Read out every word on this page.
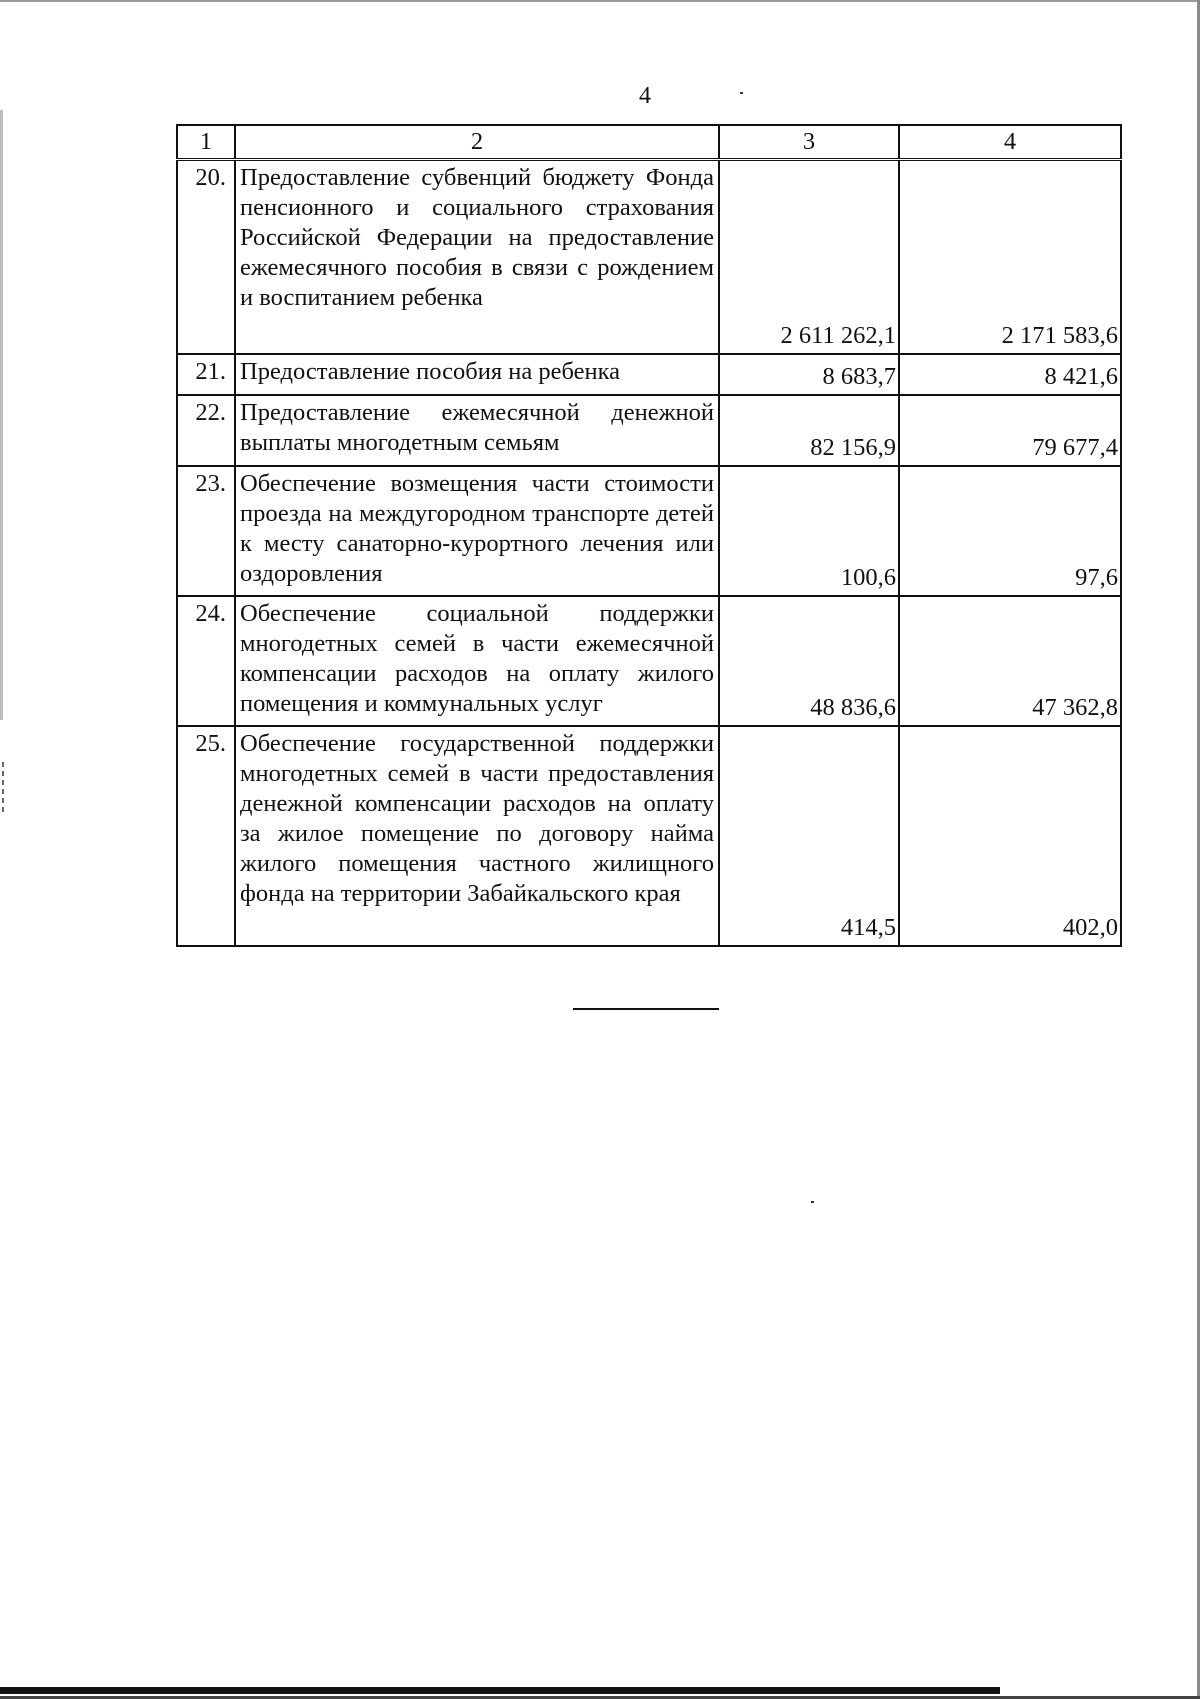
4
1	2	3	4
20.	Предоставление субвенций бюджету Фонда пенсионного и социального страхования Российской Федерации на предоставление ежемесячного пособия в связи с рождением и воспитанием ребенка	2 611 262,1	2 171 583,6
21.	Предоставление пособия на ребенка	8 683,7	8 421,6
22.	Предоставление ежемесячной денежной выплаты многодетным семьям	82 156,9	79 677,4
23.	Обеспечение возмещения части стоимости проезда на междугородном транспорте детей к месту санаторно-курортного лечения или оздоровления	100,6	97,6
24.	Обеспечение социальной поддержки многодетных семей в части ежемесячной компенсации расходов на оплату жилого помещения и коммунальных услуг	48 836,6	47 362,8
25.	Обеспечение государственной поддержки многодетных семей в части предоставления денежной компенсации расходов на оплату за жилое помещение по договору найма жилого помещения частного жилищного фонда на территории Забайкальского края	414,5	402,0
